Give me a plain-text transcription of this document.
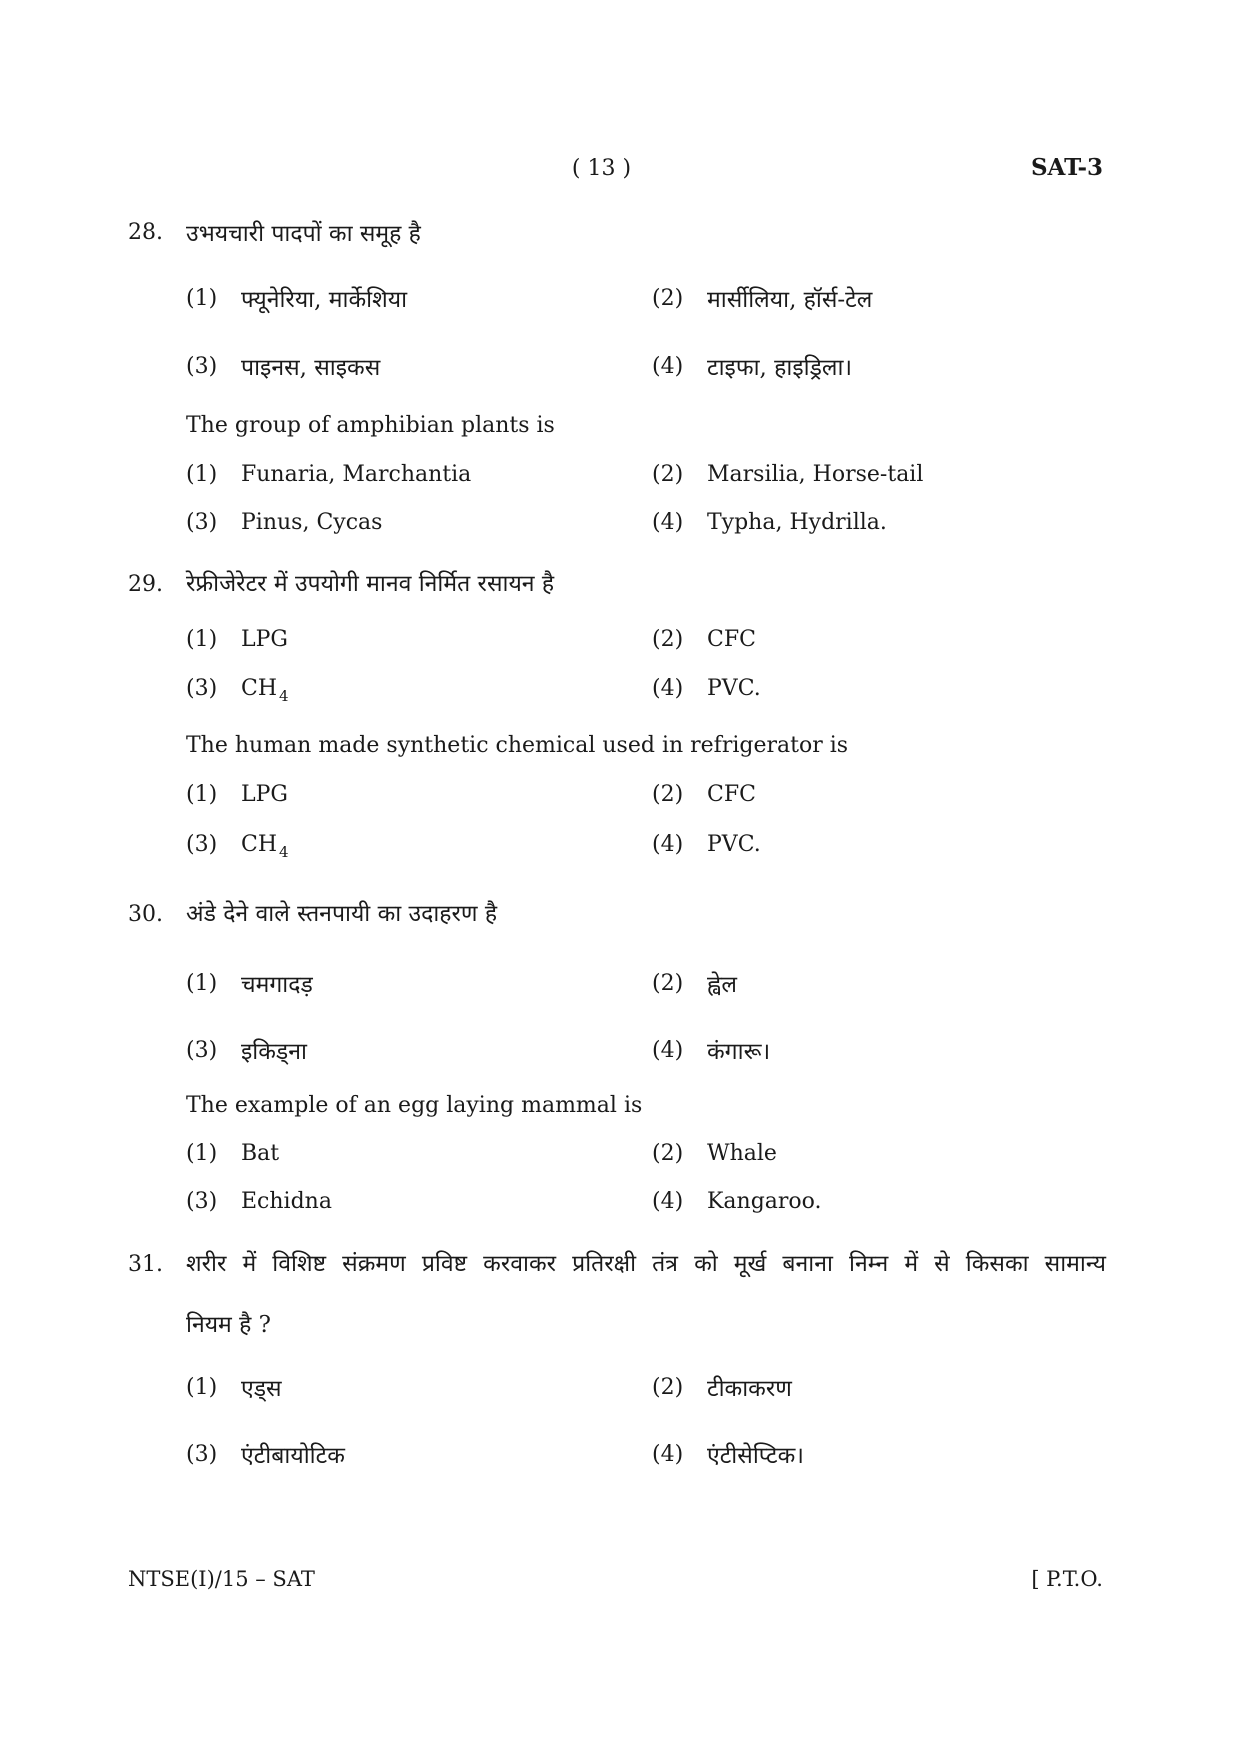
( 13 )	SAT-3
28. उभयचारी पादपों का समूह है
(1) फ्यूनेरिया, मार्केशिया	(2) मार्सीलिया, हॉर्स-टेल
(3) पाइनस, साइकस	(4) टाइफा, हाइड्रिला।
The group of amphibian plants is
(1) Funaria, Marchantia	(2) Marsilia, Horse-tail
(3) Pinus, Cycas	(4) Typha, Hydrilla.
29. रेफ्रीजेरेटर में उपयोगी मानव निर्मित रसायन है
(1) LPG	(2) CFC
(3) CH $_4$	(4) PVC.
The human made synthetic chemical used in refrigerator is
(1) LPG	(2) CFC
(3) CH $_4$	(4) PVC.
30. अंडे देने वाले स्तनपायी का उदाहरण है
(1) चमगादड़	(2) ह्वेल
(3) इकिड्ना	(4) कंगारू।
The example of an egg laying mammal is
(1) Bat	(2) Whale
(3) Echidna	(4) Kangaroo.
31. शरीर में विशिष्ट संक्रमण प्रविष्ट करवाकर प्रतिरक्षी तंत्र को मूर्ख बनाना निम्न में से किसका सामान्य
नियम है ?
(1) एड्स	(2) टीकाकरण
(3) एंटीबायोटिक	(4) एंटीसेप्टिक।
NTSE(I)/15 – SAT	[ P.T.O.
